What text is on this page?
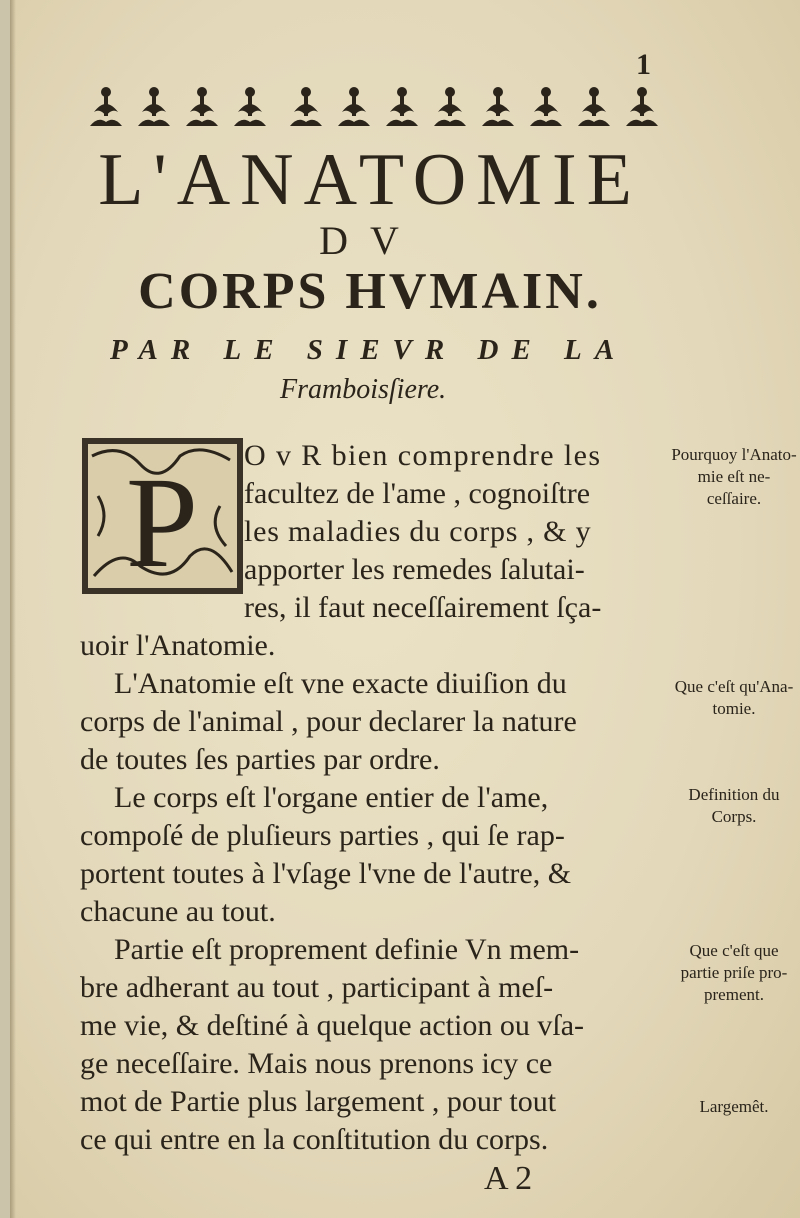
1
L'ANATOMIE
DV
CORPS HVMAIN.
PAR LE SIEVR DE LA
Framboisſiere.
P O v R bien comprendre les
facultez de l'ame , cognoiſtre
les maladies du corps , & y
apporter les remedes ſalutai-
res, il faut neceſſairement ſça-
uoir l'Anatomie.
L'Anatomie eſt vne exacte diuiſion du
corps de l'animal , pour declarer la nature
de toutes ſes parties par ordre.
Le corps eſt l'organe entier de l'ame,
compoſé de pluſieurs parties , qui ſe rap-
portent toutes à l'vſage l'vne de l'autre, &
chacune au tout.
Partie eſt proprement definie Vn mem-
bre adherant au tout , participant à meſ-
me vie, & deſtiné à quelque action ou vſa-
ge neceſſaire. Mais nous prenons icy ce
mot de Partie plus largement , pour tout
ce qui entre en la conſtitution du corps.
Pourquoy l'Anato- mie eſt ne- ceſſaire.
Que c'eſt qu'Ana- tomie.
Definition du Corps.
Que c'eſt que partie priſe pro- prement.
Largemêt.
A 2
